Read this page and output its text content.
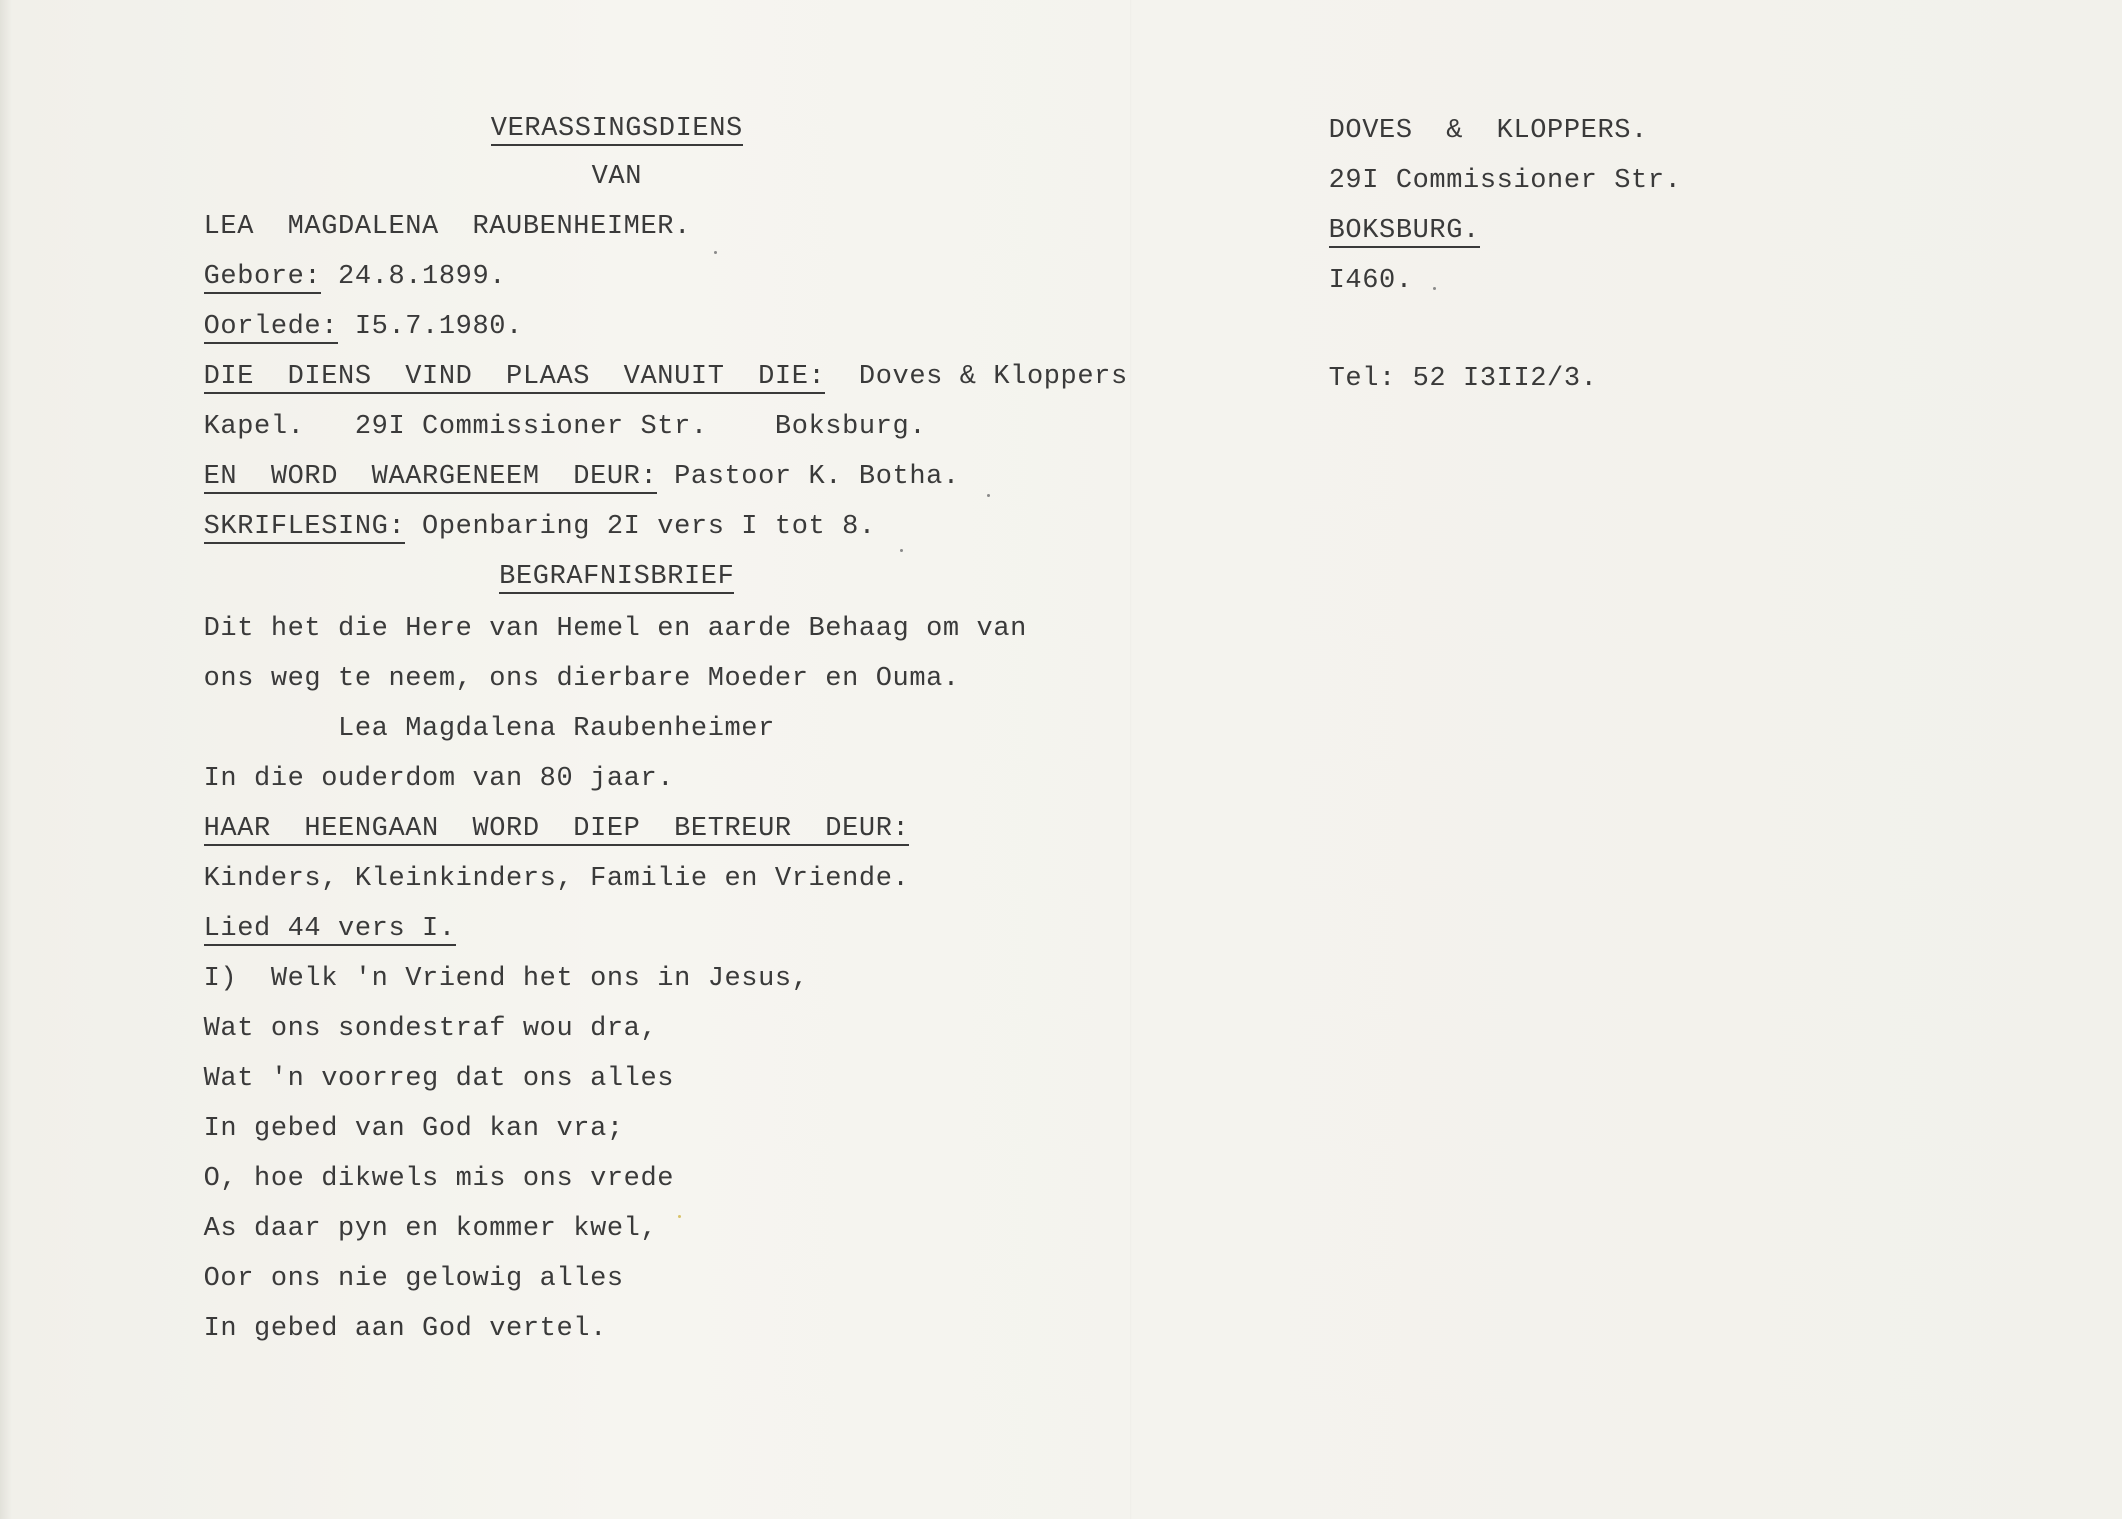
VERASSINGSDIENS

VAN

LEA  MAGDALENA  RAUBENHEIMER.

Gebore: 24.8.1899.

Oorlede: I5.7.1980.

DIE  DIENS  VIND  PLAAS  VANUIT  DIE:  Doves & Kloppers

Kapel.   29I Commissioner Str.    Boksburg.

EN  WORD  WAARGENEEM  DEUR: Pastoor K. Botha.

SKRIFLESING: Openbaring 2I vers I tot 8.

BEGRAFNISBRIEF

Dit het die Here van Hemel en aarde Behaag om van

ons weg te neem, ons dierbare Moeder en Ouma.

Lea Magdalena Raubenheimer

In die ouderdom van 80 jaar.

HAAR  HEENGAAN  WORD  DIEP  BETREUR  DEUR:

Kinders, Kleinkinders, Familie en Vriende.

Lied 44 vers I.

I)  Welk 'n Vriend het ons in Jesus,

Wat ons sondestraf wou dra,

Wat 'n voorreg dat ons alles

In gebed van God kan vra;

O, hoe dikwels mis ons vrede

As daar pyn en kommer kwel,

Oor ons nie gelowig alles

In gebed aan God vertel.

DOVES  &  KLOPPERS.

29I Commissioner Str.

BOKSBURG.

I460.

Tel: 52 I3II2/3.
